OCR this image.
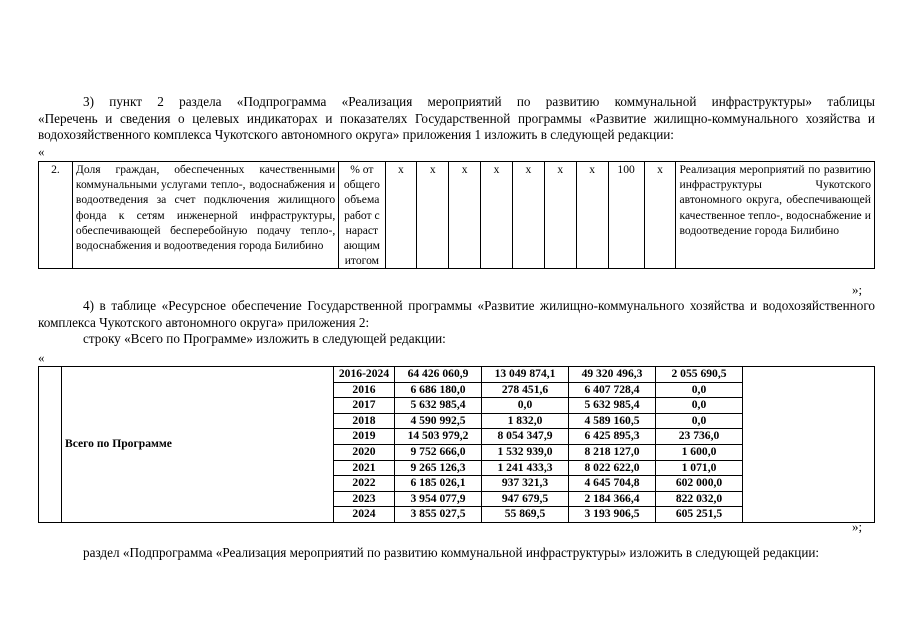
3) пункт 2 раздела «Подпрограмма «Реализация мероприятий по развитию коммунальной инфраструктуры» таблицы
«Перечень и сведения о целевых индикаторах и показателях Государственной программы «Развитие жилищно-коммунального хозяйства и водохозяйственного комплекса Чукотского автономного округа» приложения 1 изложить в следующей редакции:
«
2.	Доля граждан, обеспеченных качественными коммунальными услугами тепло-, водоснабжения и водоотведения за счет подключения жилищного фонда к сетям инженерной инфраструктуры, обеспечивающей бесперебойную подачу тепло-, водоснабжения и водоотведения города Билибино	% от общего объема работ с нараст ающим итогом	x	x	x	x	x	x	x	100	x	Реализация мероприятий по развитию инфраструктуры Чукотского автономного округа, обеспечивающей качественное тепло-, водоснабжение и водоотведение города Билибино
»;
4) в таблице «Ресурсное обеспечение Государственной программы «Развитие жилищно-коммунального хозяйства и водохозяйственного комплекса Чукотского автономного округа» приложения 2:
строку «Всего по Программе» изложить в следующей редакции:
«
	Всего по Программе	2016-2024	64 426 060,9	13 049 874,1	49 320 496,3	2 055 690,5	
		2016	6 686 180,0	278 451,6	6 407 728,4	0,0	
		2017	5 632 985,4	0,0	5 632 985,4	0,0	
		2018	4 590 992,5	1 832,0	4 589 160,5	0,0	
		2019	14 503 979,2	8 054 347,9	6 425 895,3	23 736,0	
		2020	9 752 666,0	1 532 939,0	8 218 127,0	1 600,0	
		2021	9 265 126,3	1 241 433,3	8 022 622,0	1 071,0	
		2022	6 185 026,1	937 321,3	4 645 704,8	602 000,0	
		2023	3 954 077,9	947 679,5	2 184 366,4	822 032,0	
		2024	3 855 027,5	55 869,5	3 193 906,5	605 251,5	
»;
раздел «Подпрограмма «Реализация мероприятий по развитию коммунальной инфраструктуры» изложить в следующей редакции:
